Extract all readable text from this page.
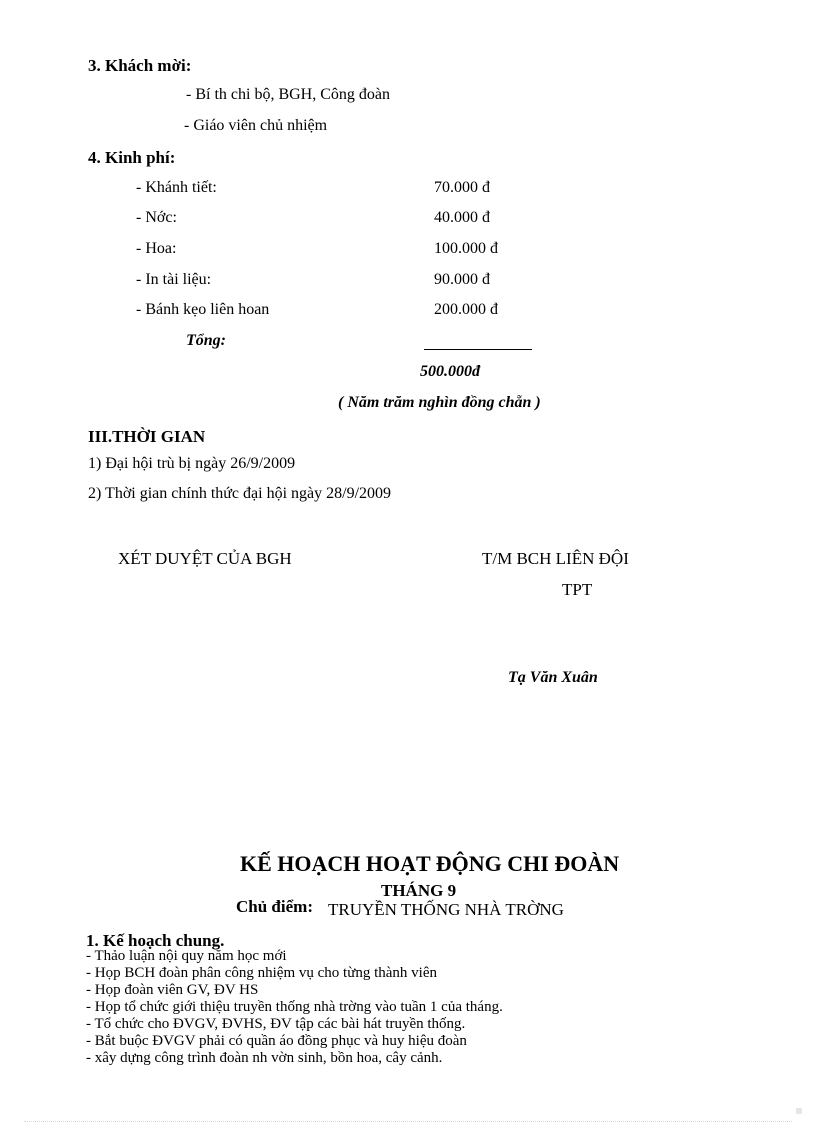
3. Khách mời:
- Bí th chi bộ, BGH, Công đoàn
- Giáo viên chủ nhiệm
4. Kinh phí:
- Khánh tiết:	70.000 đ
- Nớc:	40.000 đ
- Hoa:	100.000 đ
- In tài liệu:	90.000 đ
- Bánh kẹo liên hoan	200.000 đ
Tổng:
500.000đ
( Năm trăm nghìn đồng chẵn )
III.THỜI GIAN
1) Đại hội trù bị ngày 26/9/2009
2) Thời gian chính thức đại hội ngày 28/9/2009
XÉT DUYỆT CỦA BGH	T/M BCH LIÊN ĐỘI
TPT
Tạ Văn Xuân
KẾ HOẠCH HOẠT ĐỘNG CHI ĐOÀN
THÁNG 9
Chủ điểm: TRUYỀN THỐNG NHÀ TRỜNG
1. Kế hoạch chung.
- Thảo luận nội quy năm học mới
- Họp BCH đoàn phân công nhiệm vụ cho từng thành viên
- Họp đoàn viên GV, ĐV HS
- Họp tổ chức giới thiệu truyền thống nhà trờng vào tuần 1 của tháng.
- Tổ chức cho ĐVGV, ĐVHS, ĐV tập các bài hát truyền thống.
- Bắt buộc ĐVGV phải có quần áo đồng phục và huy hiệu đoàn
- xây dựng công trình đoàn nh vờn sinh, bồn hoa, cây cảnh.
